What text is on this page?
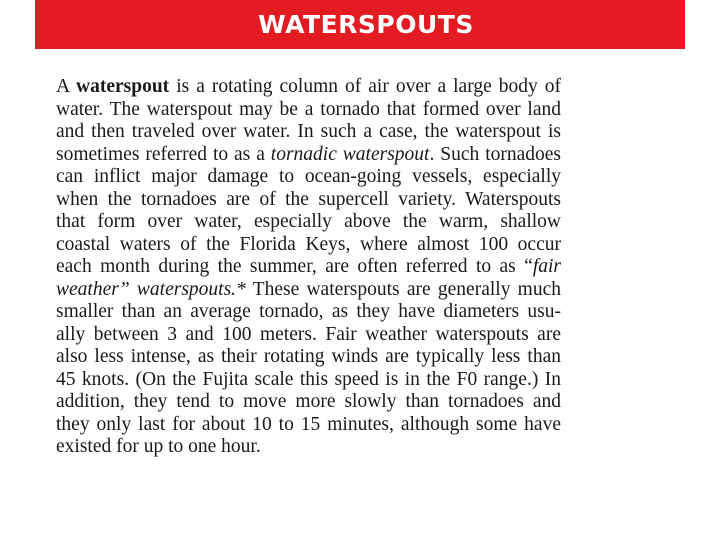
WATERSPOUTS
A waterspout is a rotating column of air over a large body of
water. The waterspout may be a tornado that formed over land
and then traveled over water. In such a case, the waterspout is
sometimes referred to as a tornadic waterspout. Such tornadoes
can inflict major damage to ocean-going vessels, especially
when the tornadoes are of the supercell variety. Waterspouts
that form over water, especially above the warm, shallow
coastal waters of the Florida Keys, where almost 100 occur
each month during the summer, are often referred to as “fair
weather” waterspouts.* These waterspouts are generally much
smaller than an average tornado, as they have diameters usu-
ally between 3 and 100 meters. Fair weather waterspouts are
also less intense, as their rotating winds are typically less than
45 knots. (On the Fujita scale this speed is in the F0 range.) In
addition, they tend to move more slowly than tornadoes and
they only last for about 10 to 15 minutes, although some have
existed for up to one hour.
